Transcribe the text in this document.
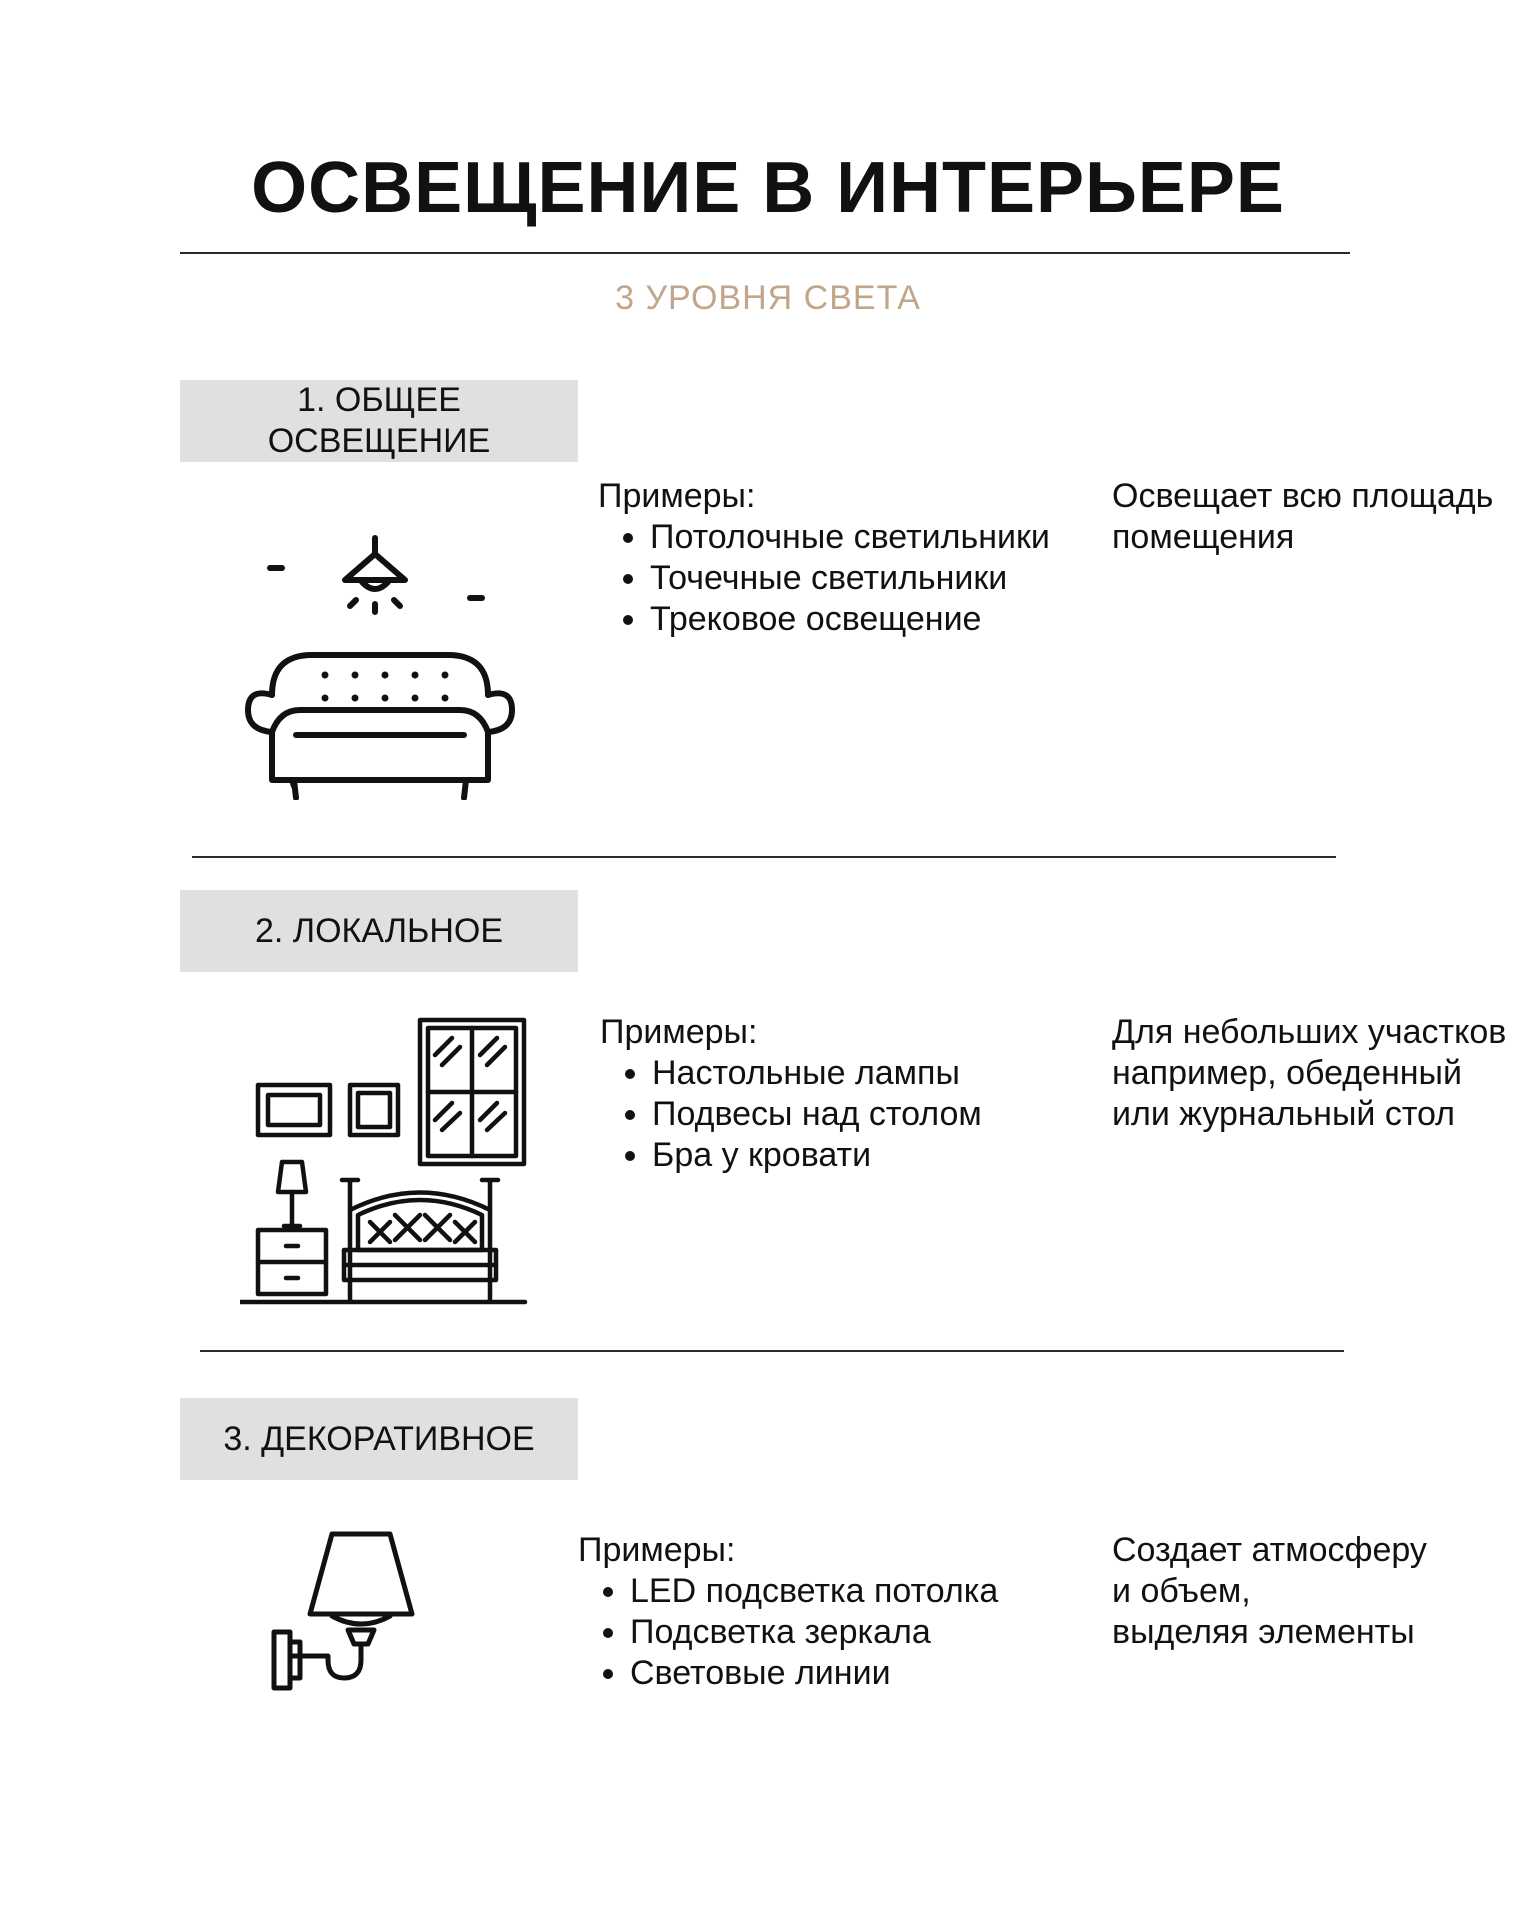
ОСВЕЩЕНИЕ В ИНТЕРЬЕРЕ
3 УРОВНЯ СВЕТА
1. ОБЩЕЕ
ОСВЕЩЕНИЕ
Примеры:
• Потолочные светильники
• Точечные светильники
• Трековое освещение
Освещает всю площадь
помещения
2. ЛОКАЛЬНОЕ
Примеры:
• Настольные лампы
• Подвесы над столом
• Бра у кровати
Для небольших участков
например, обеденный
или журнальный стол
3. ДЕКОРАТИВНОЕ
Примеры:
• LED подсветка потолка
• Подсветка зеркала
• Световые линии
Создает атмосферу
и объем,
выделяя элементы
